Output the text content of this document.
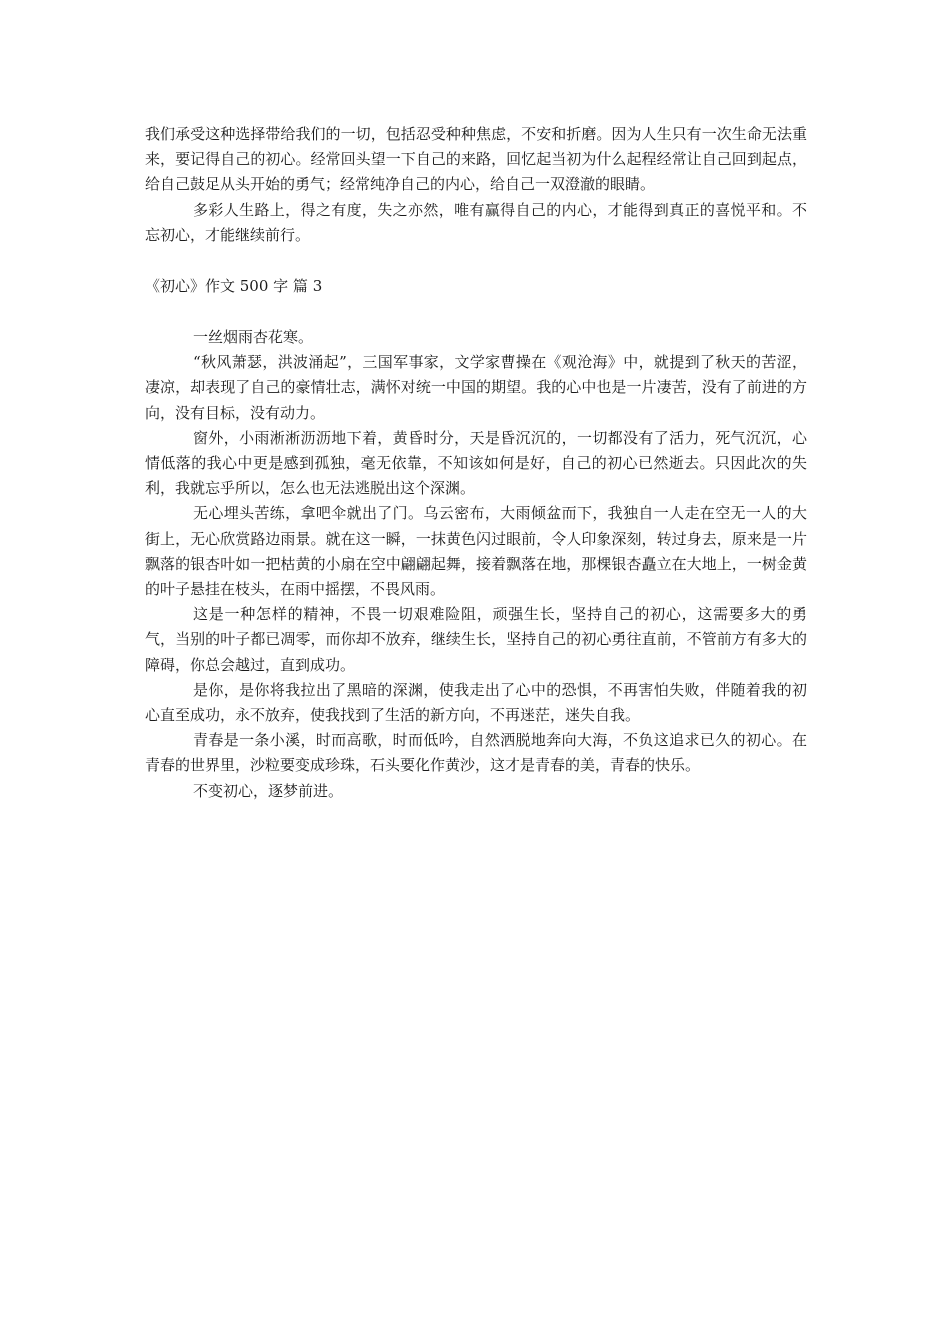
我们承受这种选择带给我们的一切，包括忍受种种焦虑，不安和折磨。因为人生只有一次生命无法重来，要记得自己的初心。经常回头望一下自己的来路，回忆起当初为什么起程经常让自己回到起点，给自己鼓足从头开始的勇气；经常纯净自己的内心，给自己一双澄澈的眼睛。

多彩人生路上，得之有度，失之亦然，唯有赢得自己的内心，才能得到真正的喜悦平和。不忘初心，才能继续前行。

《初心》作文 500 字 篇 3

一丝烟雨杏花寒。

“秋风萧瑟，洪波涌起”，三国军事家，文学家曹操在《观沧海》中，就提到了秋天的苦涩，凄凉，却表现了自己的豪情壮志，满怀对统一中国的期望。我的心中也是一片凄苦，没有了前进的方向，没有目标，没有动力。

窗外，小雨淅淅沥沥地下着，黄昏时分，天是昏沉沉的，一切都没有了活力，死气沉沉，心情低落的我心中更是感到孤独，毫无依靠，不知该如何是好，自己的初心已然逝去。只因此次的失利，我就忘乎所以，怎么也无法逃脱出这个深渊。

无心埋头苦练，拿吧伞就出了门。乌云密布，大雨倾盆而下，我独自一人走在空无一人的大街上，无心欣赏路边雨景。就在这一瞬，一抹黄色闪过眼前，令人印象深刻，转过身去，原来是一片飘落的银杏叶如一把枯黄的小扇在空中翩翩起舞，接着飘落在地，那棵银杏矗立在大地上，一树金黄的叶子悬挂在枝头，在雨中摇摆，不畏风雨。

这是一种怎样的精神，不畏一切艰难险阻，顽强生长，坚持自己的初心，这需要多大的勇气，当别的叶子都已凋零，而你却不放弃，继续生长，坚持自己的初心勇往直前，不管前方有多大的障碍，你总会越过，直到成功。

是你，是你将我拉出了黑暗的深渊，使我走出了心中的恐惧，不再害怕失败，伴随着我的初心直至成功，永不放弃，使我找到了生活的新方向，不再迷茫，迷失自我。

青春是一条小溪，时而高歌，时而低吟，自然洒脱地奔向大海，不负这追求已久的初心。在青春的世界里，沙粒要变成珍珠，石头要化作黄沙，这才是青春的美，青春的快乐。

不变初心，逐梦前进。
